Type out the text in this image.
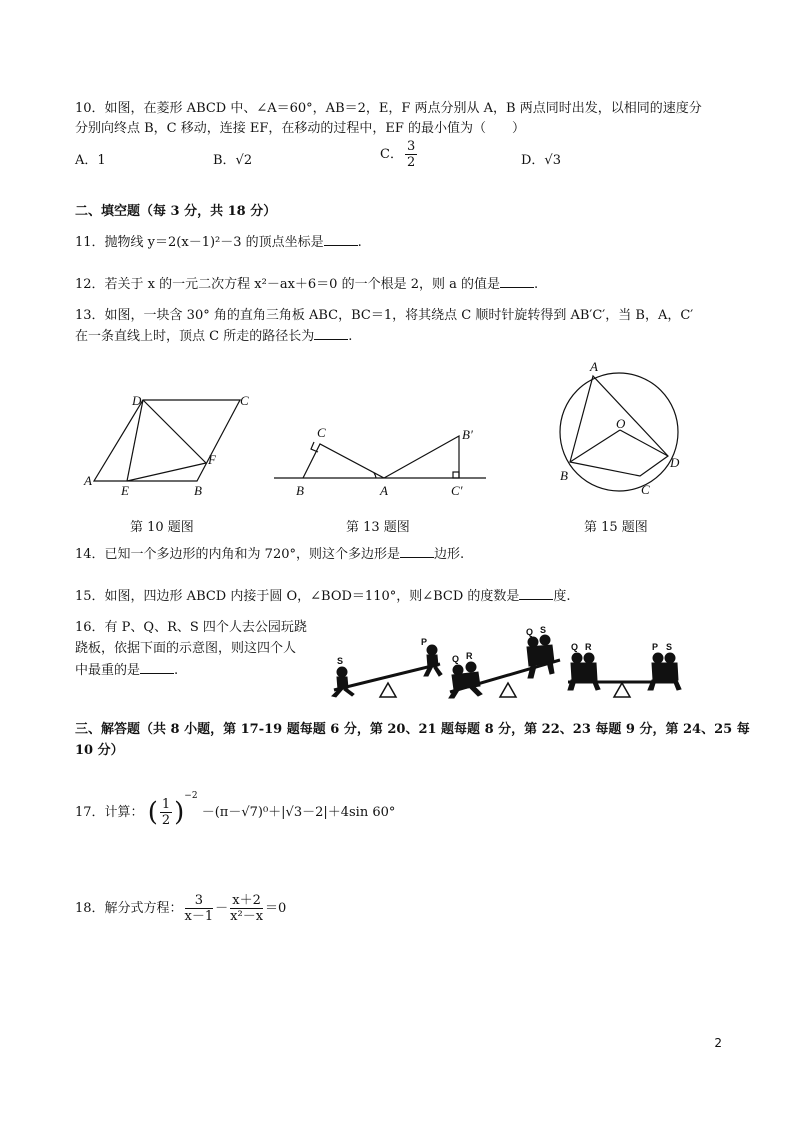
10．如图，在菱形 ABCD 中、∠A＝60°，AB＝2，E，F 两点分别从 A，B 两点同时出发，以相同的速度分
分别向终点 B，C 移动，连接 EF，在移动的过程中，EF 的最小值为（　　）
A．1	B．√2	C． $\frac{3}{2}$	D．√3
二、填空题（每 3 分，共 18 分）
11．抛物线 y＝2(x－1)²－3 的顶点坐标是	.
12．若关于 x 的一元二次方程 x²－ax＋6＝0 的一个根是 2，则 a 的值是	.
13．如图，一块含 30° 角的直角三角板 ABC，BC＝1，将其绕点 C 顺时针旋转得到 AB′C′，当 B，A，C′
在一条直线上时，顶点 C 所走的路径长为	.
A
B
C
D
E
F
第 10 题图
B
C
A
B′
C′
第 13 题图
A
O
B
C
D
第 15 题图
14．已知一个多边形的内角和为 720°，则这个多边形是	边形.
15．如图，四边形 ABCD 内接于圆 O，∠BOD＝110°，则∠BCD 的度数是	度.
16．有 P、Q、R、S 四个人去公园玩跷
跷板，依据下面的示意图，则这四个人
中最重的是	.
S
P
Q R
Q S
Q R	P S
三、解答题（共 8 小题，第 17-19 题每题 6 分，第 20、21 题每题 8 分，第 22、23 每题 9 分，第 24、25 每
10 分）
17．计算： ( $\frac{1}{2} )^{-2} -(\pi-√7)^0+|√3-2|+4\sin$ 60°
18．解分式方程： $\frac{3}{x-1} - \frac{x+2}{\text{x²－x}} =0$
2
